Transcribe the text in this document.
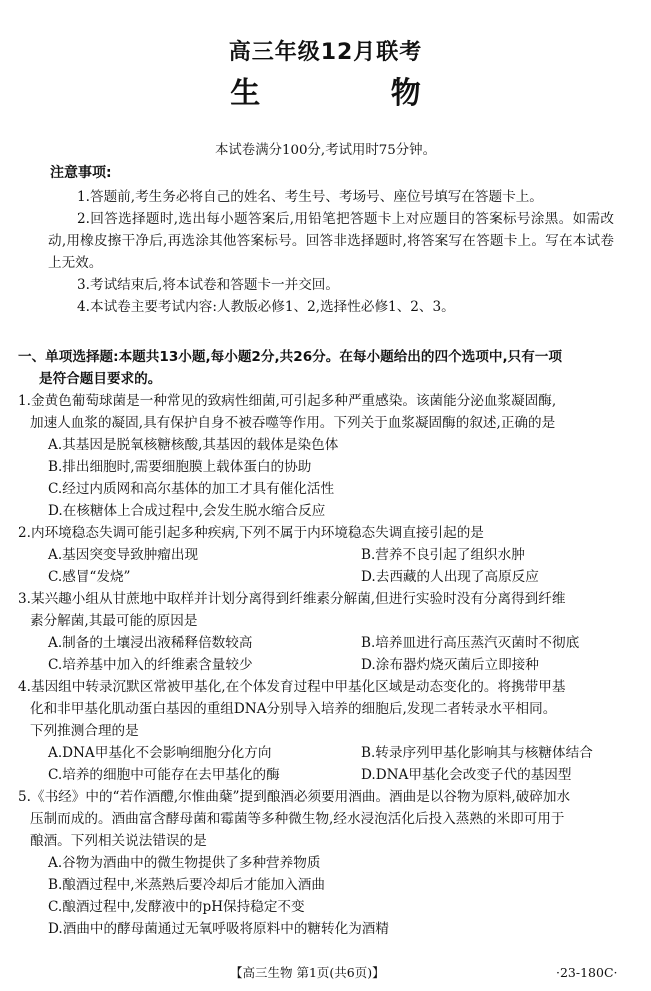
高三年级12月联考
生 物
本试卷满分100分,考试用时75分钟。
注意事项:
1.答题前,考生务必将自己的姓名、考生号、考场号、座位号填写在答题卡上。
2.回答选择题时,选出每小题答案后,用铅笔把答题卡上对应题目的答案标号涂黑。如需改动,用橡皮擦干净后,再选涂其他答案标号。回答非选择题时,将答案写在答题卡上。写在本试卷上无效。
3.考试结束后,将本试卷和答题卡一并交回。
4.本试卷主要考试内容:人教版必修1、2,选择性必修1、2、3。
一、单项选择题:本题共13小题,每小题2分,共26分。在每小题给出的四个选项中,只有一项
是符合题目要求的。
1.金黄色葡萄球菌是一种常见的致病性细菌,可引起多种严重感染。该菌能分泌血浆凝固酶,
加速人血浆的凝固,具有保护自身不被吞噬等作用。下列关于血浆凝固酶的叙述,正确的是
A.其基因是脱氧核糖核酸,其基因的载体是染色体
B.排出细胞时,需要细胞膜上载体蛋白的协助
C.经过内质网和高尔基体的加工才具有催化活性
D.在核糖体上合成过程中,会发生脱水缩合反应
2.内环境稳态失调可能引起多种疾病,下列不属于内环境稳态失调直接引起的是
A.基因突变导致肿瘤出现	B.营养不良引起了组织水肿
C.感冒“发烧”	D.去西藏的人出现了高原反应
3.某兴趣小组从甘蔗地中取样并计划分离得到纤维素分解菌,但进行实验时没有分离得到纤维
素分解菌,其最可能的原因是
A.制备的土壤浸出液稀释倍数较高	B.培养皿进行高压蒸汽灭菌时不彻底
C.培养基中加入的纤维素含量较少	D.涂布器灼烧灭菌后立即接种
4.基因组中转录沉默区常被甲基化,在个体发育过程中甲基化区域是动态变化的。将携带甲基
化和非甲基化肌动蛋白基因的重组DNA分别导入培养的细胞后,发现二者转录水平相同。
下列推测合理的是
A.DNA甲基化不会影响细胞分化方向	B.转录序列甲基化影响其与核糖体结合
C.培养的细胞中可能存在去甲基化的酶	D.DNA甲基化会改变子代的基因型
5.《书经》中的“若作酒醴,尔惟曲蘖”提到酿酒必须要用酒曲。酒曲是以谷物为原料,破碎加水
压制而成的。酒曲富含酵母菌和霉菌等多种微生物,经水浸泡活化后投入蒸熟的米即可用于
酿酒。下列相关说法错误的是
A.谷物为酒曲中的微生物提供了多种营养物质
B.酿酒过程中,米蒸熟后要冷却后才能加入酒曲
C.酿酒过程中,发酵液中的pH保持稳定不变
D.酒曲中的酵母菌通过无氧呼吸将原料中的糖转化为酒精
【高三生物 第1页(共6页)】	·23-180C·
